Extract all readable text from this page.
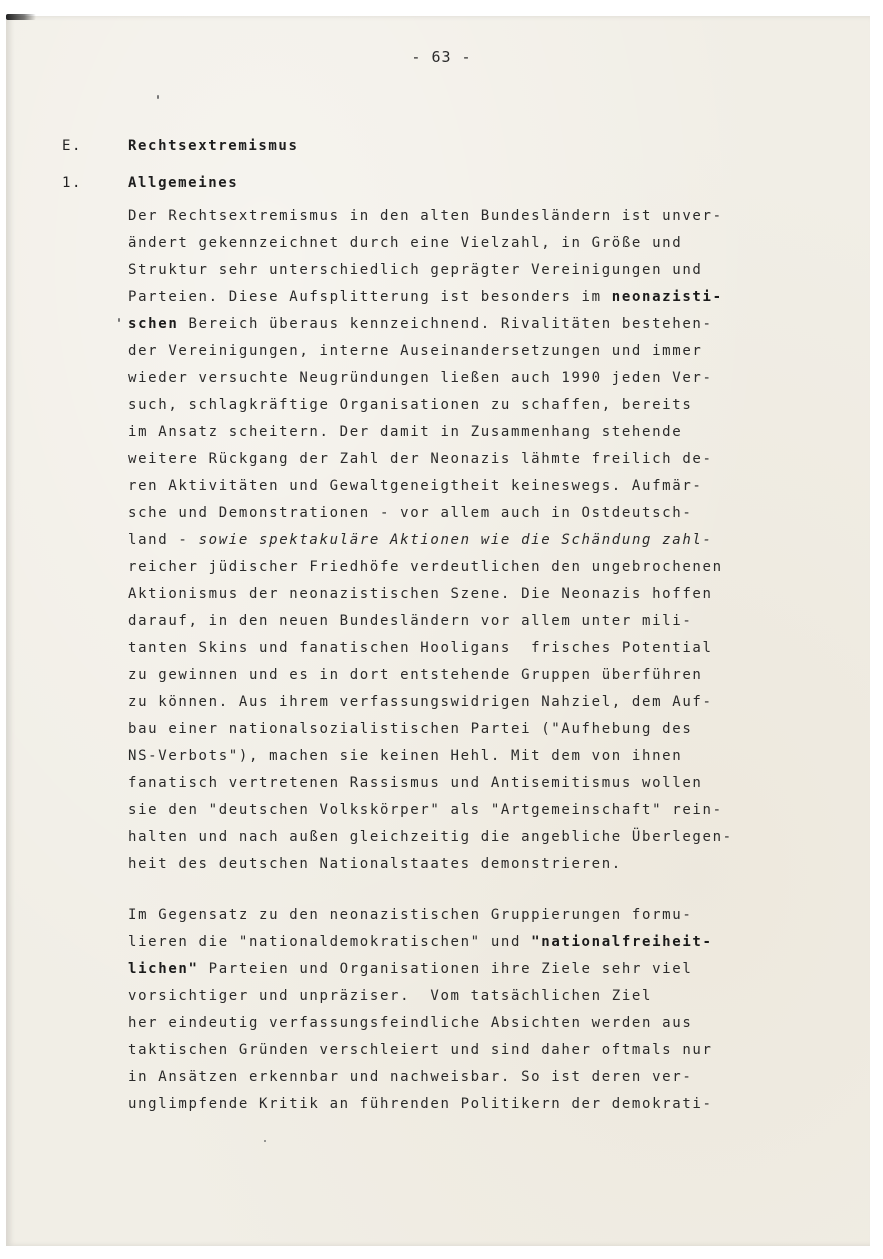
- 63 -
E.	Rechtsextremismus
1.	Allgemeines
Der Rechtsextremismus in den alten Bundesländern ist unver-
ändert gekennzeichnet durch eine Vielzahl, in Größe und
Struktur sehr unterschiedlich geprägter Vereinigungen und
Parteien. Diese Aufsplitterung ist besonders im neonazisti-
schen Bereich überaus kennzeichnend. Rivalitäten bestehen-
der Vereinigungen, interne Auseinandersetzungen und immer
wieder versuchte Neugründungen ließen auch 1990 jeden Ver-
such, schlagkräftige Organisationen zu schaffen, bereits
im Ansatz scheitern. Der damit in Zusammenhang stehende
weitere Rückgang der Zahl der Neonazis lähmte freilich de-
ren Aktivitäten und Gewaltgeneigtheit keineswegs. Aufmär-
sche und Demonstrationen - vor allem auch in Ostdeutsch-
land - sowie spektakuläre Aktionen wie die Schändung zahl-
reicher jüdischer Friedhöfe verdeutlichen den ungebrochenen
Aktionismus der neonazistischen Szene. Die Neonazis hoffen
darauf, in den neuen Bundesländern vor allem unter mili-
tanten Skins und fanatischen Hooligans  frisches Potential
zu gewinnen und es in dort entstehende Gruppen überführen
zu können. Aus ihrem verfassungswidrigen Nahziel, dem Auf-
bau einer nationalsozialistischen Partei ("Aufhebung des
NS-Verbots"), machen sie keinen Hehl. Mit dem von ihnen
fanatisch vertretenen Rassismus und Antisemitismus wollen
sie den "deutschen Volkskörper" als "Artgemeinschaft" rein-
halten und nach außen gleichzeitig die angebliche Überlegen-
heit des deutschen Nationalstaates demonstrieren.
Im Gegensatz zu den neonazistischen Gruppierungen formu-
lieren die "nationaldemokratischen" und "nationalfreiheit-
lichen" Parteien und Organisationen ihre Ziele sehr viel
vorsichtiger und unpräziser.  Vom tatsächlichen Ziel
her eindeutig verfassungsfeindliche Absichten werden aus
taktischen Gründen verschleiert und sind daher oftmals nur
in Ansätzen erkennbar und nachweisbar. So ist deren ver-
unglimpfende Kritik an führenden Politikern der demokrati-
